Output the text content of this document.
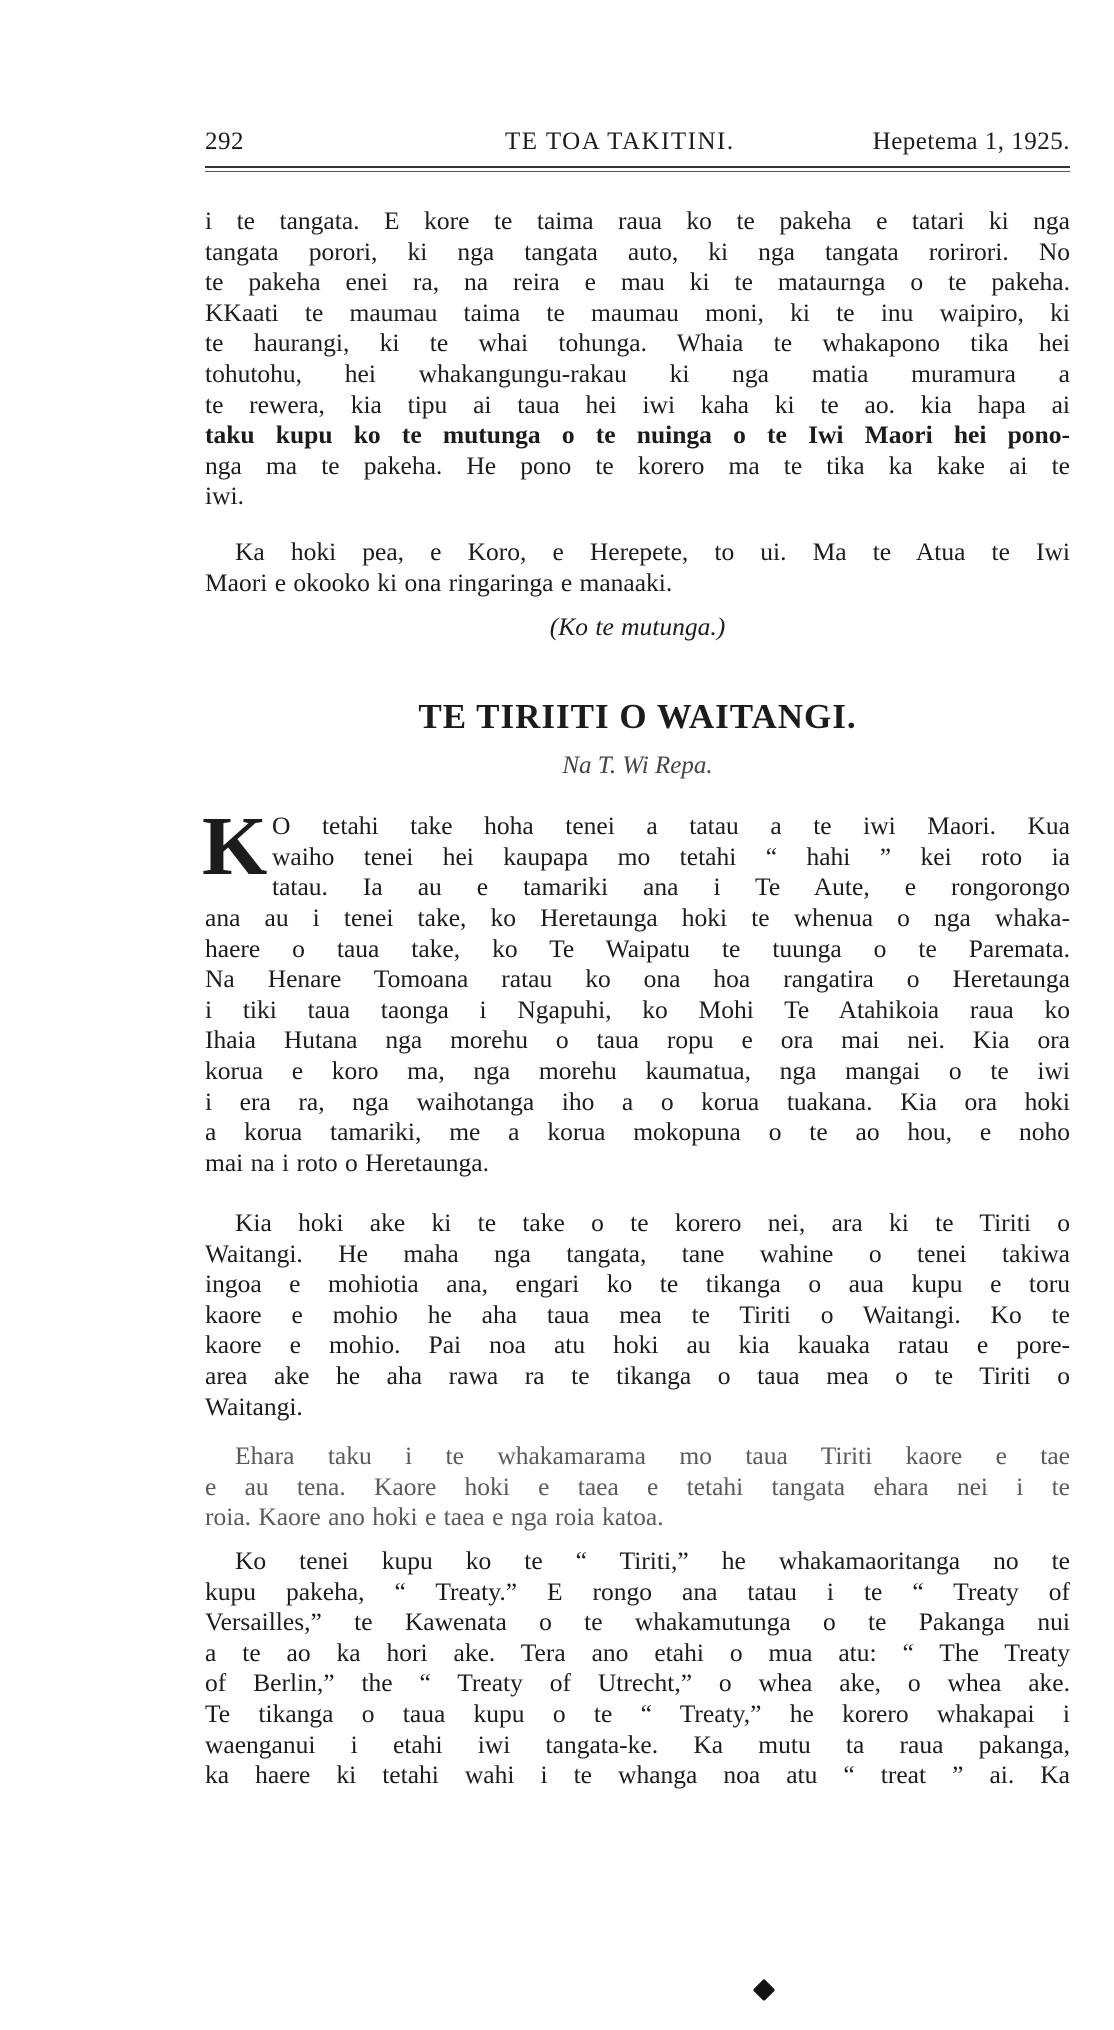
292	TE TOA TAKITINI.	Hepetema 1, 1925.
i te tangata. E kore te taima raua ko te pakeha e tatari ki nga
tangata porori, ki nga tangata auto, ki nga tangata rorirori. No
te pakeha enei ra, na reira e mau ki te mataurnga o te pakeha.
KKaati te maumau taima te maumau moni, ki te inu waipiro, ki
te haurangi, ki te whai tohunga. Whaia te whakapono tika hei
tohutohu, hei whakangungu-rakau ki nga matia muramura a
te rewera, kia tipu ai taua hei iwi kaha ki te ao. kia hapa ai
taku kupu ko te mutunga o te nuinga o te Iwi Maori hei pono-
nga ma te pakeha. He pono te korero ma te tika ka kake ai te
iwi.
Ka hoki pea, e Koro, e Herepete, to ui. Ma te Atua te Iwi
Maori e okooko ki ona ringaringa e manaaki.
(Ko te mutunga.)
TE TIRIITI O WAITANGI.
Na T. Wi Repa.
K O tetahi take hoha tenei a tatau a te iwi Maori. Kua
waiho tenei hei kaupapa mo tetahi “ hahi ” kei roto ia
tatau. Ia au e tamariki ana i Te Aute, e rongorongo
ana au i tenei take, ko Heretaunga hoki te whenua o nga whaka-
haere o taua take, ko Te Waipatu te tuunga o te Paremata.
Na Henare Tomoana ratau ko ona hoa rangatira o Heretaunga
i tiki taua taonga i Ngapuhi, ko Mohi Te Atahikoia raua ko
Ihaia Hutana nga morehu o taua ropu e ora mai nei. Kia ora
korua e koro ma, nga morehu kaumatua, nga mangai o te iwi
i era ra, nga waihotanga iho a o korua tuakana. Kia ora hoki
a korua tamariki, me a korua mokopuna o te ao hou, e noho
mai na i roto o Heretaunga.
Kia hoki ake ki te take o te korero nei, ara ki te Tiriti o
Waitangi. He maha nga tangata, tane wahine o tenei takiwa
ingoa e mohiotia ana, engari ko te tikanga o aua kupu e toru
kaore e mohio he aha taua mea te Tiriti o Waitangi. Ko te
kaore e mohio. Pai noa atu hoki au kia kauaka ratau e pore-
area ake he aha rawa ra te tikanga o taua mea o te Tiriti o
Waitangi.
Ehara taku i te whakamarama mo taua Tiriti kaore e tae
e au tena. Kaore hoki e taea e tetahi tangata ehara nei i te
roia. Kaore ano hoki e taea e nga roia katoa.
Ko tenei kupu ko te “ Tiriti,” he whakamaoritanga no te
kupu pakeha, “ Treaty.” E rongo ana tatau i te “ Treaty of
Versailles,” te Kawenata o te whakamutunga o te Pakanga nui
a te ao ka hori ake. Tera ano etahi o mua atu: “ The Treaty
of Berlin,” the “ Treaty of Utrecht,” o whea ake, o whea ake.
Te tikanga o taua kupu o te “ Treaty,” he korero whakapai i
waenganui i etahi iwi tangata-ke. Ka mutu ta raua pakanga,
ka haere ki tetahi wahi i te whanga noa atu “ treat ” ai. Ka
